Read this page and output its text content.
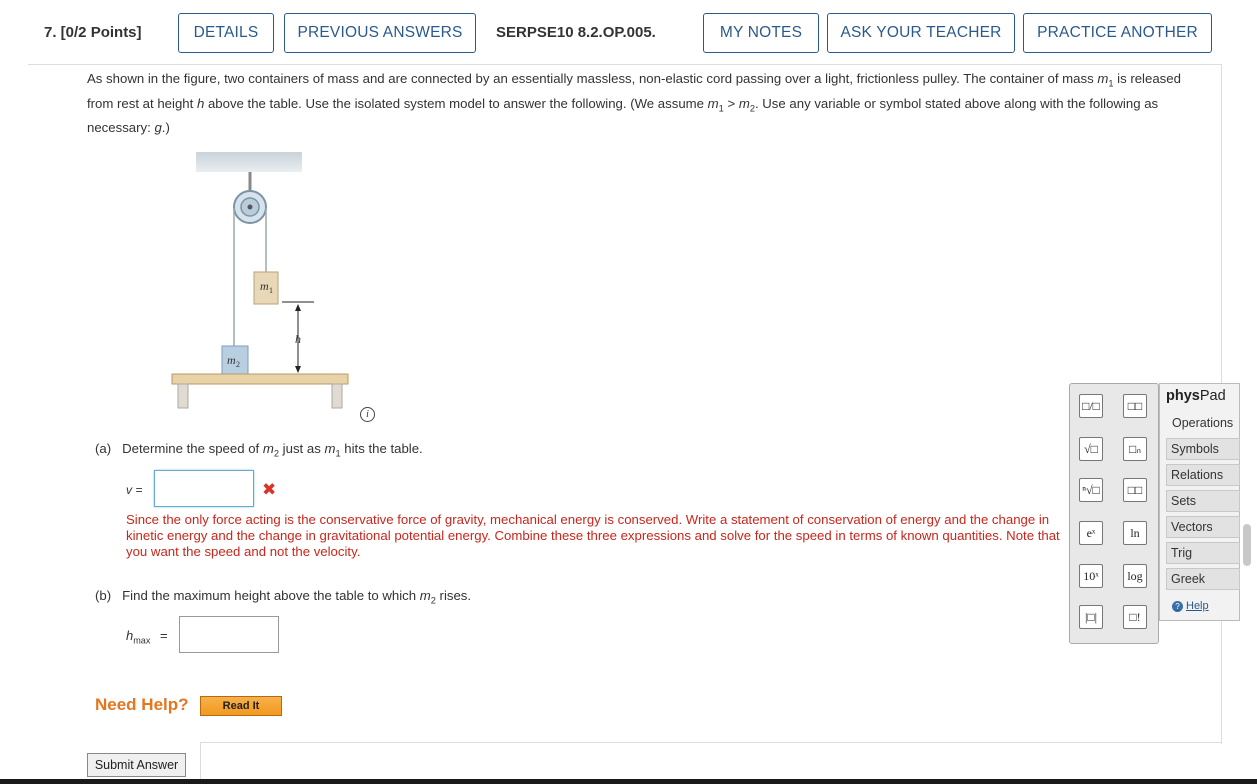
7. [0/2 Points]	DETAILS	PREVIOUS ANSWERS	SERPSE10 8.2.OP.005.	MY NOTES	ASK YOUR TEACHER	PRACTICE ANOTHER
As shown in the figure, two containers of mass and are connected by an essentially massless, non-elastic cord passing over a light, frictionless pulley. The container of mass $m_1$ is released from rest at height h above the table. Use the isolated system model to answer the following. (We assume $m_1 > m_2$. Use any variable or symbol stated above along with the following as necessary: g.)
m 1
h
m 2
i
(a) Determine the speed of $m_2$ just as $m_1$ hits the table.
v =	✖
Since the only force acting is the conservative force of gravity, mechanical energy is conserved. Write a statement of conservation of energy and the change in kinetic energy and the change in gravitational potential energy. Combine these three expressions and solve for the speed in terms of known quantities. Note that you want the speed and not the velocity.
(b) Find the maximum height above the table to which $m_2$ rises.
$h_{max}$ =
Need Help?	Read It
Submit Answer
□/□	□□
√□	□ₙ
ⁿ√□	□□
eˣ	ln
10ˣ	log
|□|	□!
physPad
Operations
Symbols
Relations
Sets
Vectors
Trig
Greek
? Help
